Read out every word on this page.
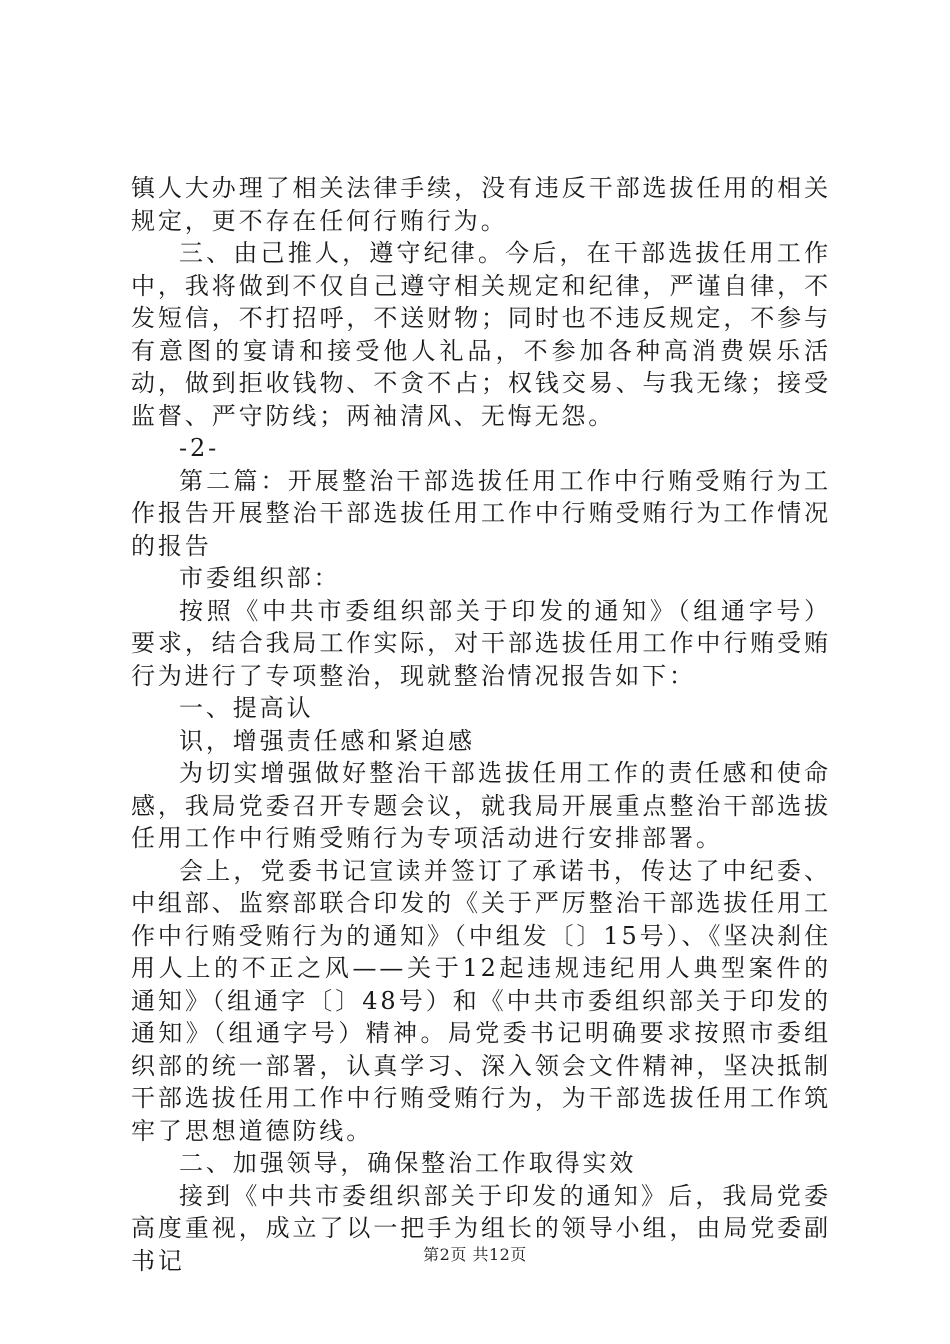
镇人大办理了相关法律手续，没有违反干部选拔任用的相关规定，更不存在任何行贿行为。

三、由己推人，遵守纪律。今后，在干部选拔任用工作中，我将做到不仅自己遵守相关规定和纪律，严谨自律，不发短信，不打招呼，不送财物；同时也不违反规定，不参与有意图的宴请和接受他人礼品，不参加各种高消费娱乐活动，做到拒收钱物、不贪不占；权钱交易、与我无缘；接受监督、严守防线；两袖清风、无悔无怨。

-2-

第二篇：开展整治干部选拔任用工作中行贿受贿行为工作报告开展整治干部选拔任用工作中行贿受贿行为工作情况的报告

市委组织部：

按照《中共市委组织部关于印发的通知》（组通字号）要求，结合我局工作实际，对干部选拔任用工作中行贿受贿行为进行了专项整治，现就整治情况报告如下：

一、提高认

识，增强责任感和紧迫感

为切实增强做好整治干部选拔任用工作的责任感和使命感，我局党委召开专题会议，就我局开展重点整治干部选拔任用工作中行贿受贿行为专项活动进行安排部署。

会上，党委书记宣读并签订了承诺书，传达了中纪委、中组部、监察部联合印发的《关于严厉整治干部选拔任用工作中行贿受贿行为的通知》（中组发〔〕15号）、《坚决刹住用人上的不正之风——关于12起违规违纪用人典型案件的通知》（组通字〔〕48号）和《中共市委组织部关于印发的通知》（组通字号）精神。局党委书记明确要求按照市委组织部的统一部署，认真学习、深入领会文件精神，坚决抵制干部选拔任用工作中行贿受贿行为，为干部选拔任用工作筑牢了思想道德防线。

二、加强领导，确保整治工作取得实效

接到《中共市委组织部关于印发的通知》后，我局党委高度重视，成立了以一把手为组长的领导小组，由局党委副书记	第2页 共12页
